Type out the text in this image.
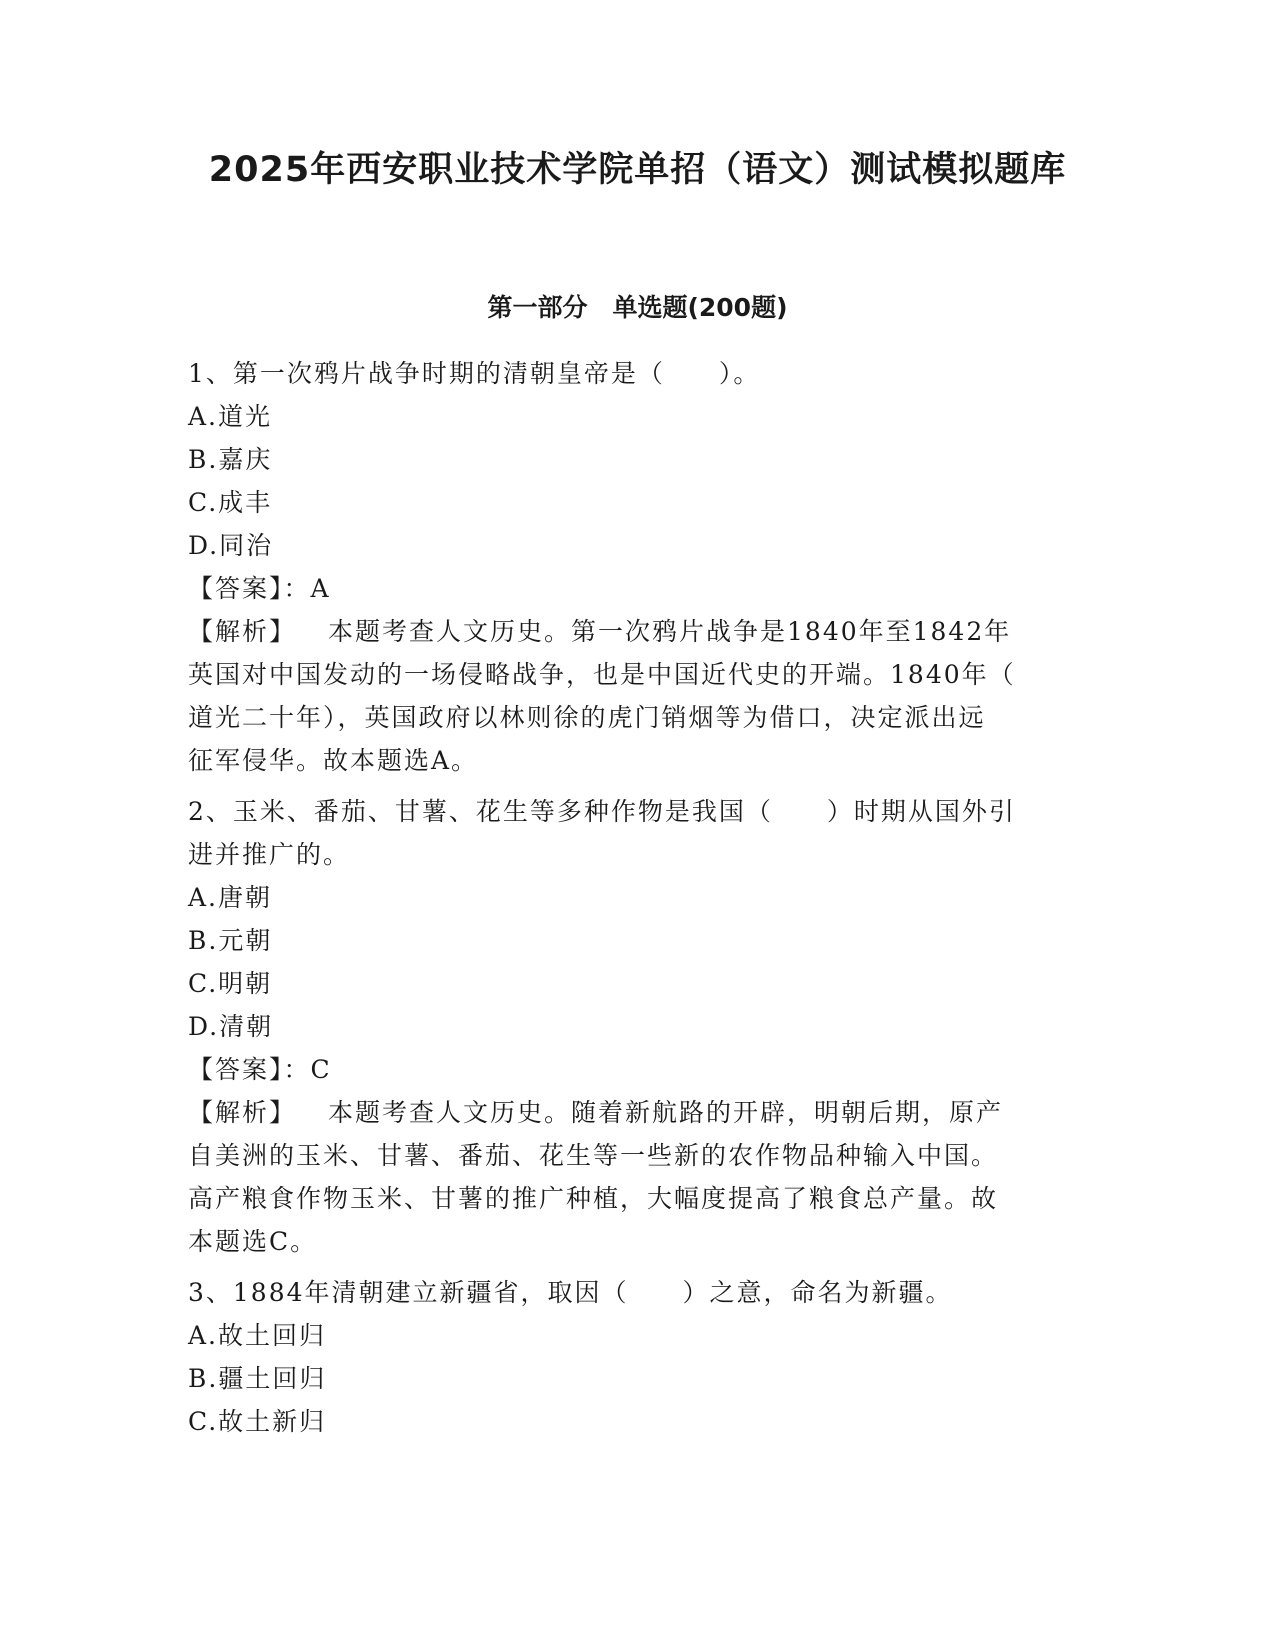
2025年西安职业技术学院单招（语文）测试模拟题库
第一部分　单选题(200题)
1、第一次鸦片战争时期的清朝皇帝是（　　）。
A.道光
B.嘉庆
C.成丰
D.同治
【答案】：A
【解析】 本题考查人文历史。第一次鸦片战争是1840年至1842年
英国对中国发动的一场侵略战争，也是中国近代史的开端。1840年（
道光二十年），英国政府以林则徐的虎门销烟等为借口，决定派出远
征军侵华。故本题选A。
2、玉米、番茄、甘薯、花生等多种作物是我国（　　）时期从国外引
进并推广的。
A.唐朝
B.元朝
C.明朝
D.清朝
【答案】：C
【解析】 本题考查人文历史。随着新航路的开辟，明朝后期，原产
自美洲的玉米、甘薯、番茄、花生等一些新的农作物品种输入中国。
高产粮食作物玉米、甘薯的推广种植，大幅度提高了粮食总产量。故
本题选C。
3、1884年清朝建立新疆省，取因（　　）之意，命名为新疆。
A.故土回归
B.疆土回归
C.故土新归
